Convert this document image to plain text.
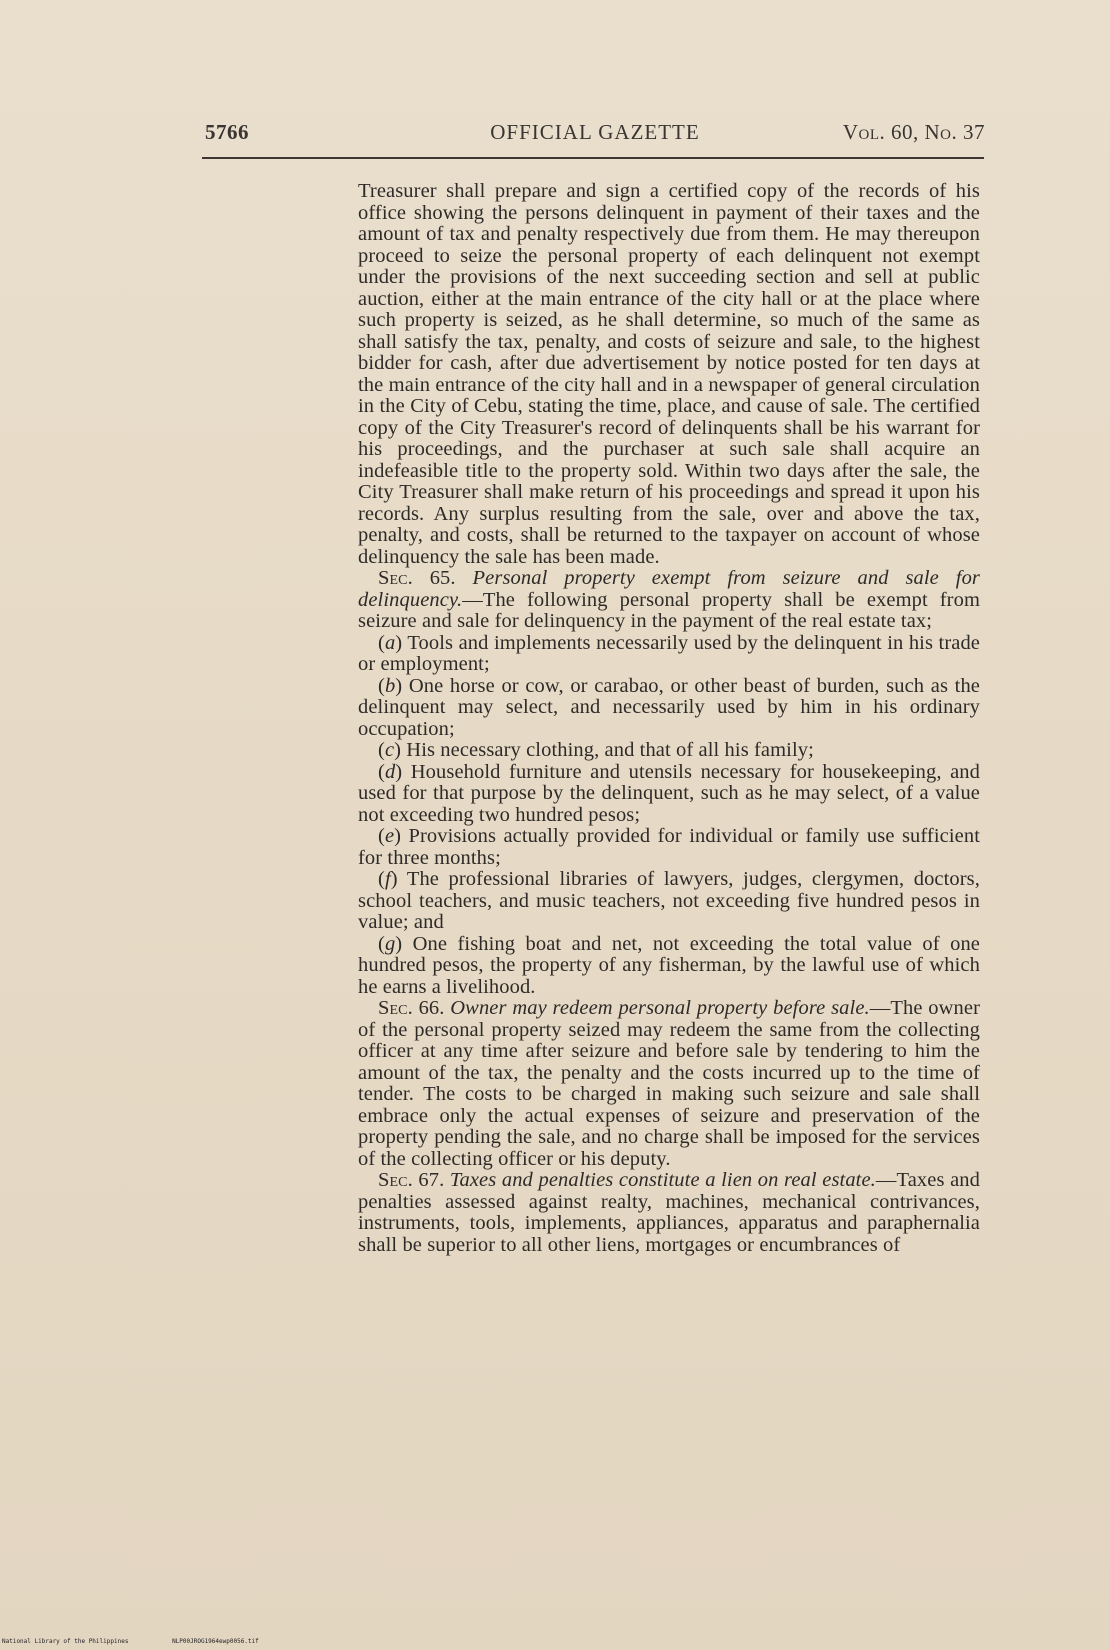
5766	OFFICIAL GAZETTE	Vol. 60, No. 37

Treasurer shall prepare and sign a certified copy of the records of his office showing the persons delinquent in payment of their taxes and the amount of tax and penalty respectively due from them. He may thereupon proceed to seize the personal property of each delinquent not exempt under the provisions of the next succeeding section and sell at public auction, either at the main entrance of the city hall or at the place where such property is seized, as he shall determine, so much of the same as shall satisfy the tax, penalty, and costs of seizure and sale, to the highest bidder for cash, after due advertisement by notice posted for ten days at the main entrance of the city hall and in a newspaper of general circulation in the City of Cebu, stating the time, place, and cause of sale. The certified copy of the City Treasurer's record of delinquents shall be his warrant for his proceedings, and the purchaser at such sale shall acquire an indefeasible title to the property sold. Within two days after the sale, the City Treasurer shall make return of his proceedings and spread it upon his records. Any surplus resulting from the sale, over and above the tax, penalty, and costs, shall be returned to the taxpayer on account of whose delinquency the sale has been made.

Sec. 65. Personal property exempt from seizure and sale for delinquency.—The following personal property shall be exempt from seizure and sale for delinquency in the payment of the real estate tax;

(a) Tools and implements necessarily used by the delinquent in his trade or employment;

(b) One horse or cow, or carabao, or other beast of burden, such as the delinquent may select, and necessarily used by him in his ordinary occupation;

(c) His necessary clothing, and that of all his family;

(d) Household furniture and utensils necessary for housekeeping, and used for that purpose by the delinquent, such as he may select, of a value not exceeding two hundred pesos;

(e) Provisions actually provided for individual or family use sufficient for three months;

(f) The professional libraries of lawyers, judges, clergymen, doctors, school teachers, and music teachers, not exceeding five hundred pesos in value; and

(g) One fishing boat and net, not exceeding the total value of one hundred pesos, the property of any fisherman, by the lawful use of which he earns a livelihood.

Sec. 66. Owner may redeem personal property before sale.—The owner of the personal property seized may redeem the same from the collecting officer at any time after seizure and before sale by tendering to him the amount of the tax, the penalty and the costs incurred up to the time of tender. The costs to be charged in making such seizure and sale shall embrace only the actual expenses of seizure and preservation of the property pending the sale, and no charge shall be imposed for the services of the collecting officer or his deputy.

Sec. 67. Taxes and penalties constitute a lien on real estate.—Taxes and penalties assessed against realty, machines, mechanical contrivances, instruments, tools, implements, appliances, apparatus and paraphernalia shall be superior to all other liens, mortgages or encumbrances of

National Library of the Philippines	NLP00JROG1964ewp0056.tif
